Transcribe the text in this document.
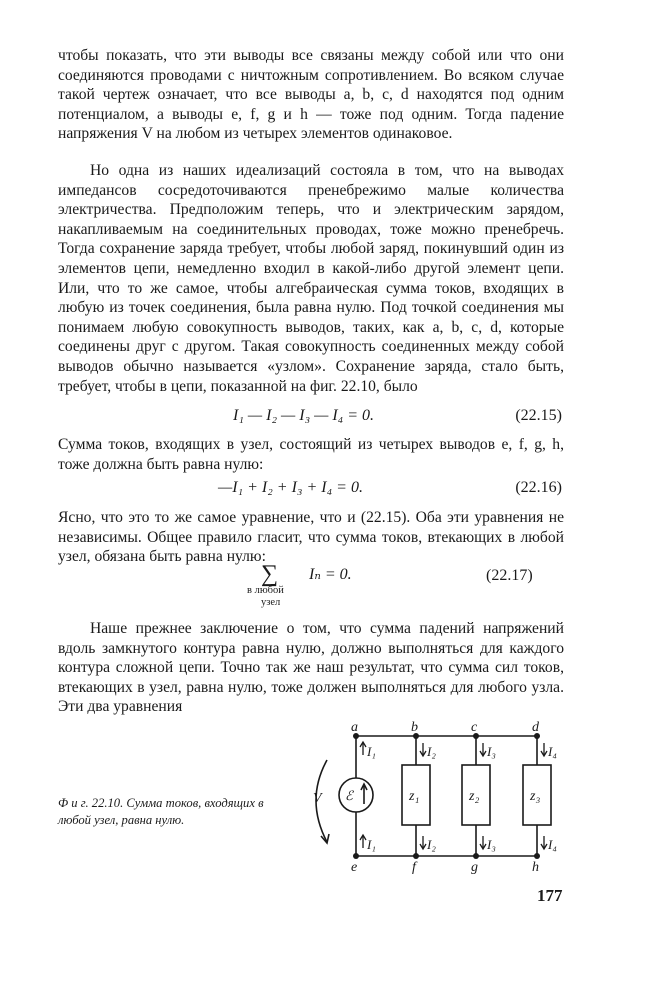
чтобы показать, что эти выводы все связаны между собой или что они соединяются проводами с ничтожным сопротивлением. Во всяком случае такой чертеж означает, что все выводы a, b, c, d находятся под одним потенциалом, а выводы e, f, g и h — тоже под одним. Тогда падение напряжения V на любом из четырех элементов одинаковое.

Но одна из наших идеализаций состояла в том, что на выводах импедансов сосредоточиваются пренебрежимо малые количества электричества. Предположим теперь, что и электрическим зарядом, накапливаемым на соединительных проводах, тоже можно пренебречь. Тогда сохранение заряда требует, чтобы любой заряд, покинувший один из элементов цепи, немедленно входил в какой-либо другой элемент цепи. Или, что то же самое, чтобы алгебраическая сумма токов, входящих в любую из точек соединения, была равна нулю. Под точкой соединения мы понимаем любую совокупность выводов, таких, как a, b, c, d, которые соединены друг с другом. Такая совокупность соединенных между собой выводов обычно называется «узлом». Сохранение заряда, стало быть, требует, чтобы в цепи, показанной на фиг. 22.10, было

I₁ — I₂ — I₃ — I₄ = 0.	(22.15)

Сумма токов, входящих в узел, состоящий из четырех выводов e, f, g, h, тоже должна быть равна нулю:

—I₁ + I₂ + I₃ + I₄ = 0.	(22.16)

Ясно, что это то же самое уравнение, что и (22.15). Оба эти уравнения не независимы. Общее правило гласит, что сумма токов, втекающих в любой узел, обязана быть равна нулю:

∑
в любой
узел
Iₙ = 0.	(22.17)

Наше прежнее заключение о том, что сумма падений напряжений вдоль замкнутого контура равна нулю, должно выполняться для каждого контура сложной цепи. Точно так же наш результат, что сумма сил токов, втекающих в узел, равна нулю, тоже должен выполняться для любого узла. Эти два уравнения

a	b	c	d
e	f	g	h
V ℰ	z₁	z₂	z₃
I₁	I₂	I₃	I₄
I₁	I₂	I₃	I₄
Ф и г. 22.10. Сумма токов, входящих в любой узел, равна нулю.
177
